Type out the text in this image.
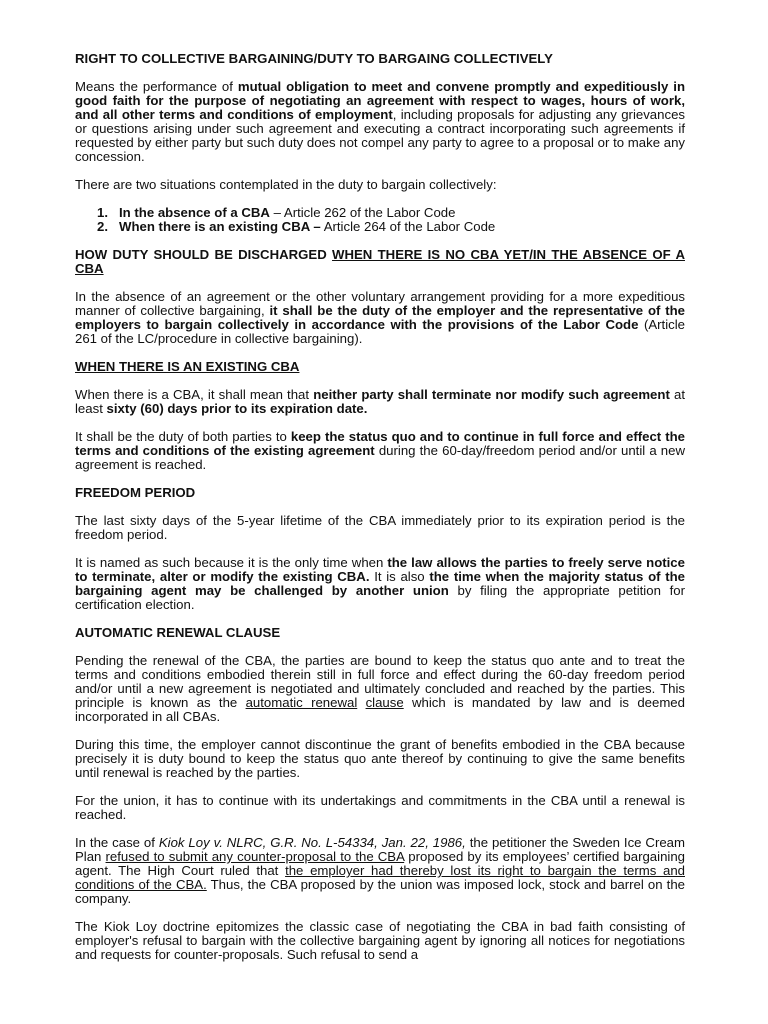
RIGHT TO COLLECTIVE BARGAINING/DUTY TO BARGAING COLLECTIVELY

Means the performance of mutual obligation to meet and convene promptly and expeditiously in good faith for the purpose of negotiating an agreement with respect to wages, hours of work, and all other terms and conditions of employment, including proposals for adjusting any grievances or questions arising under such agreement and executing a contract incorporating such agreements if requested by either party but such duty does not compel any party to agree to a proposal or to make any concession.

There are two situations contemplated in the duty to bargain collectively:

1. In the absence of a CBA – Article 262 of the Labor Code
2. When there is an existing CBA – Article 264 of the Labor Code

HOW DUTY SHOULD BE DISCHARGED WHEN THERE IS NO CBA YET/IN THE ABSENCE OF A CBA

In the absence of an agreement or the other voluntary arrangement providing for a more expeditious manner of collective bargaining, it shall be the duty of the employer and the representative of the employers to bargain collectively in accordance with the provisions of the Labor Code (Article 261 of the LC/procedure in collective bargaining).

WHEN THERE IS AN EXISTING CBA

When there is a CBA, it shall mean that neither party shall terminate nor modify such agreement at least sixty (60) days prior to its expiration date.

It shall be the duty of both parties to keep the status quo and to continue in full force and effect the terms and conditions of the existing agreement during the 60-day/freedom period and/or until a new agreement is reached.

FREEDOM PERIOD

The last sixty days of the 5-year lifetime of the CBA immediately prior to its expiration period is the freedom period.

It is named as such because it is the only time when the law allows the parties to freely serve notice to terminate, alter or modify the existing CBA. It is also the time when the majority status of the bargaining agent may be challenged by another union by filing the appropriate petition for certification election.

AUTOMATIC RENEWAL CLAUSE

Pending the renewal of the CBA, the parties are bound to keep the status quo ante and to treat the terms and conditions embodied therein still in full force and effect during the 60-day freedom period and/or until a new agreement is negotiated and ultimately concluded and reached by the parties. This principle is known as the automatic renewal clause which is mandated by law and is deemed incorporated in all CBAs.

During this time, the employer cannot discontinue the grant of benefits embodied in the CBA because precisely it is duty bound to keep the status quo ante thereof by continuing to give the same benefits until renewal is reached by the parties.

For the union, it has to continue with its undertakings and commitments in the CBA until a renewal is reached.

In the case of Kiok Loy v. NLRC, G.R. No. L-54334, Jan. 22, 1986, the petitioner the Sweden Ice Cream Plan refused to submit any counter-proposal to the CBA proposed by its employees’ certified bargaining agent. The High Court ruled that the employer had thereby lost its right to bargain the terms and conditions of the CBA. Thus, the CBA proposed by the union was imposed lock, stock and barrel on the company.

The Kiok Loy doctrine epitomizes the classic case of negotiating the CBA in bad faith consisting of employer's refusal to bargain with the collective bargaining agent by ignoring all notices for negotiations and requests for counter-proposals. Such refusal to send a
